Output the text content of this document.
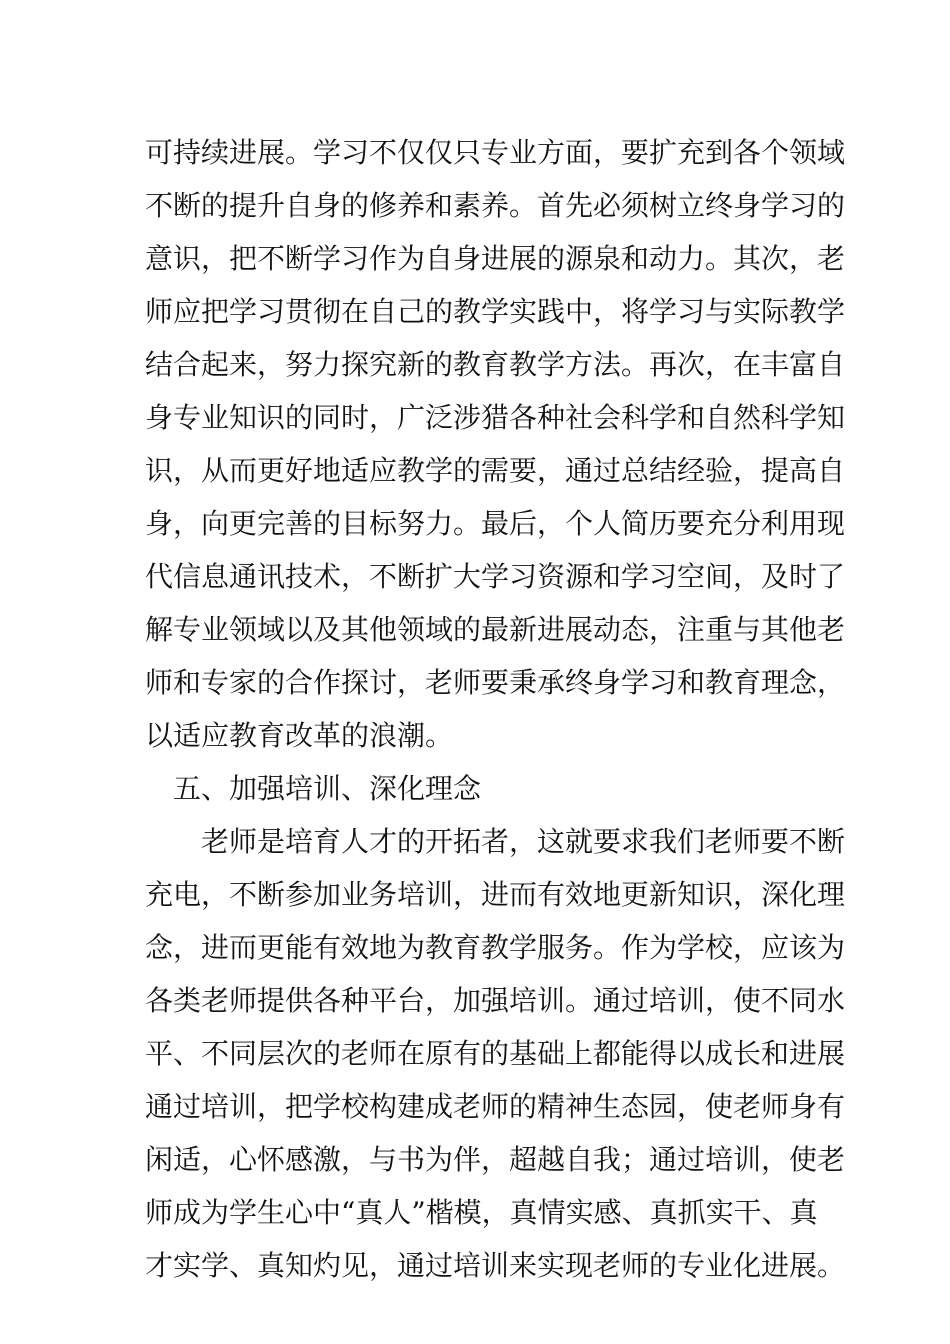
可持续进展。学习不仅仅只专业方面，要扩充到各个领域
不断的提升自身的修养和素养。首先必须树立终身学习的
意识，把不断学习作为自身进展的源泉和动力。其次，老
师应把学习贯彻在自己的教学实践中，将学习与实际教学
结合起来，努力探究新的教育教学方法。再次，在丰富自
身专业知识的同时，广泛涉猎各种社会科学和自然科学知
识，从而更好地适应教学的需要，通过总结经验，提高自
身，向更完善的目标努力。最后，个人简历要充分利用现
代信息通讯技术，不断扩大学习资源和学习空间，及时了
解专业领域以及其他领域的最新进展动态，注重与其他老
师和专家的合作探讨，老师要秉承终身学习和教育理念，
以适应教育改革的浪潮。
五、加强培训、深化理念
老师是培育人才的开拓者，这就要求我们老师要不断
充电，不断参加业务培训，进而有效地更新知识，深化理
念，进而更能有效地为教育教学服务。作为学校，应该为
各类老师提供各种平台，加强培训。通过培训，使不同水
平、不同层次的老师在原有的基础上都能得以成长和进展
通过培训，把学校构建成老师的精神生态园，使老师身有
闲适，心怀感激，与书为伴，超越自我；通过培训，使老
师成为学生心中“真人”楷模，真情实感、真抓实干、真
才实学、真知灼见，通过培训来实现老师的专业化进展。
